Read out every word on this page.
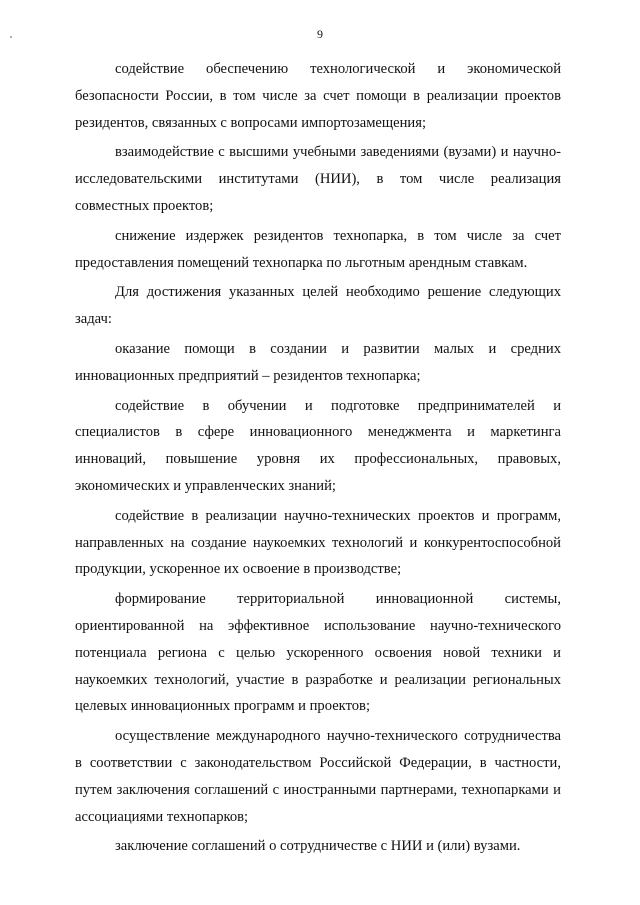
9

содействие обеспечению технологической и экономической безопасности России, в том числе за счет помощи в реализации проектов резидентов, связанных с вопросами импортозамещения;

взаимодействие с высшими учебными заведениями (вузами) и научно-исследовательскими институтами (НИИ), в том числе реализация совместных проектов;

снижение издержек резидентов технопарка, в том числе за счет предоставления помещений технопарка по льготным арендным ставкам.

Для достижения указанных целей необходимо решение следующих задач:

оказание помощи в создании и развитии малых и средних инновационных предприятий – резидентов технопарка;

содействие в обучении и подготовке предпринимателей и специалистов в сфере инновационного менеджмента и маркетинга инноваций, повышение уровня их профессиональных, правовых, экономических и управленческих знаний;

содействие в реализации научно-технических проектов и программ, направленных на создание наукоемких технологий и конкурентоспособной продукции, ускоренное их освоение в производстве;

формирование территориальной инновационной системы, ориентированной на эффективное использование научно-технического потенциала региона с целью ускоренного освоения новой техники и наукоемких технологий, участие в разработке и реализации региональных целевых инновационных программ и проектов;

осуществление международного научно-технического сотрудничества в соответствии с законодательством Российской Федерации, в частности, путем заключения соглашений с иностранными партнерами, технопарками и ассоциациями технопарков;

заключение соглашений о сотрудничестве с НИИ и (или) вузами.
